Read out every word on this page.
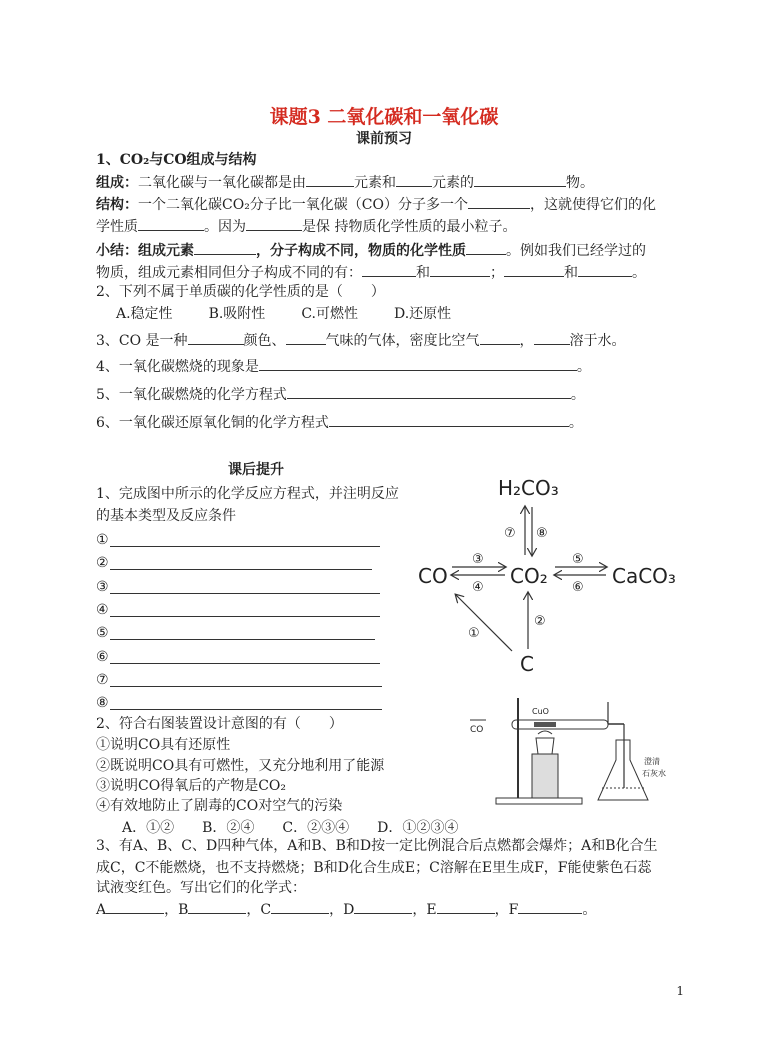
课题3 二氧化碳和一氧化碳
课前预习
1、CO₂与CO组成与结构
组成：二氧化碳与一氧化碳都是由	元素和	元素的	物。
结构：一个二氧化碳CO₂分子比一氧化碳（CO）分子多一个	，这就使得它们的化
学性质	。因为	是保 持物质化学性质的最小粒子。
小结：组成元素	，分子构成不同，物质的化学性质	。例如我们已经学过的
物质，组成元素相同但分子构成不同的有：	和	；	和	。
2、下列不属于单质碳的化学性质的是（　　）
A.稳定性	B.吸附性	C.可燃性	D.还原性
3、CO 是一种	颜色、	气味的气体，密度比空气	，	溶于水。
4、一氧化碳燃烧的现象是	。
5、一氧化碳燃烧的化学方程式	。
6、一氧化碳还原氧化铜的化学方程式	。
课后提升
1、完成图中所示的化学反应方程式，并注明反应
的基本类型及反应条件
①
②
③
④
⑤
⑥
⑦
⑧
2、符合右图装置设计意图的有（　　）
①说明CO具有还原性
②既说明CO具有可燃性，又充分地利用了能源
③说明CO得氧后的产物是CO₂
④有效地防止了剧毒的CO对空气的污染
A．①② B．②④ C．②③④ D．①②③④
3、有A、B、C、D四种气体，A和B、B和D按一定比例混合后点燃都会爆炸；A和B化合生
成C，C不能燃烧，也不支持燃烧；B和D化合生成E；C溶解在E里生成F，F能使紫色石蕊
试液变红色。写出它们的化学式：
A	，B	，C	，D	，E	，F	。
H₂CO₃
CO	CO₂	CaCO₃
C
⑦ ⑧
③
④
⑤
⑥
①
②
CO
CuO
澄清
石灰水
1
